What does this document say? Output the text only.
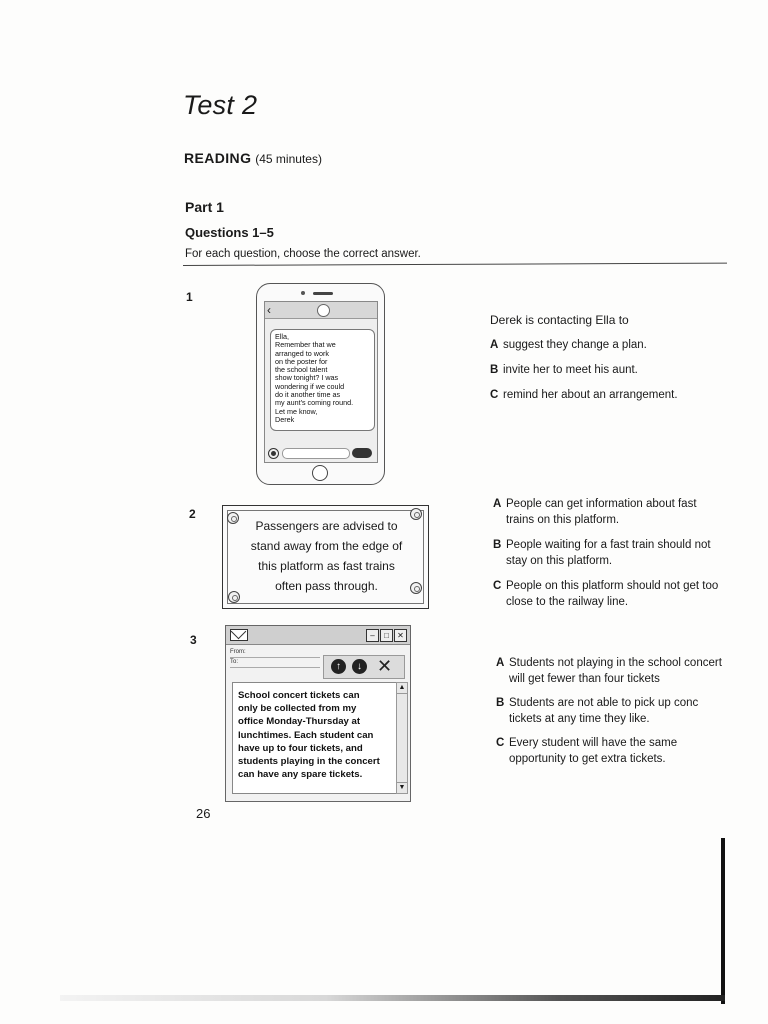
Test 2
READING (45 minutes)
Part 1
Questions 1–5
For each question, choose the correct answer.
1
‹
Ella,
Remember that we
arranged to work
on the poster for
the school talent
show tonight? I was
wondering if we could
do it another time as
my aunt's coming round.
Let me know,
Derek
Derek is contacting Ella to
A suggest they change a plan.
B invite her to meet his aunt.
C remind her about an arrangement.
2
Passengers are advised to
stand away from the edge of
this platform as fast trains
often pass through.
A People can get information about fast trains on this platform.
B People waiting for a fast train should not stay on this platform.
C People on this platform should not get too close to the railway line.
3	–	□	✕
From:
To:	↑	↓ ✕
School concert tickets can
only be collected from my
office Monday-Thursday at
lunchtimes. Each student can
have up to four tickets, and
students playing in the concert
can have any spare tickets.
▲
▼
A Students not playing in the school concert will get fewer than four tickets
B Students are not able to pick up conc tickets at any time they like.
C Every student will have the same opportunity to get extra tickets.
26
